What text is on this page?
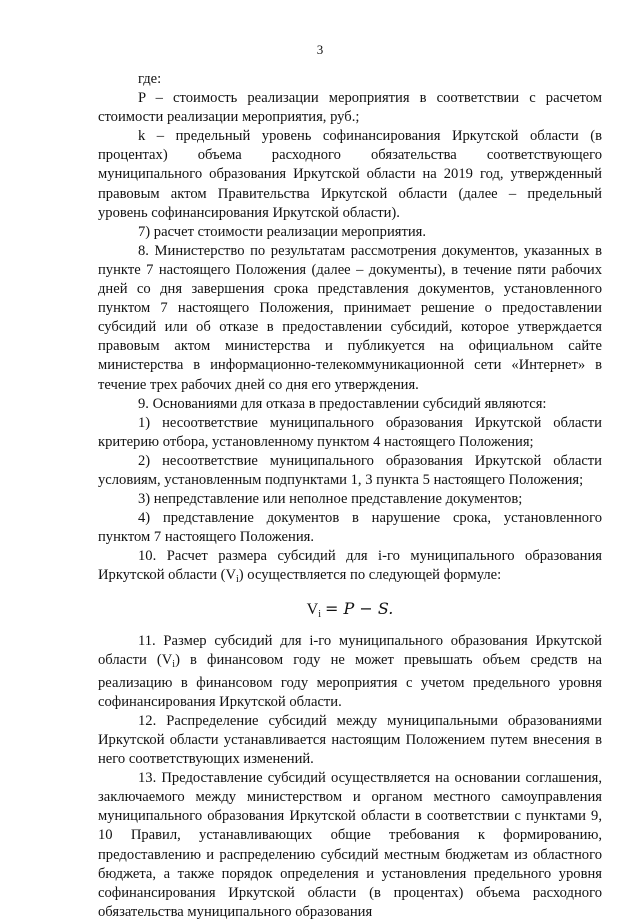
3

где:

P – стоимость реализации мероприятия в соответствии с расчетом стоимости реализации мероприятия, руб.;

k – предельный уровень софинансирования Иркутской области (в процентах) объема расходного обязательства соответствующего муниципального образования Иркутской области на 2019 год, утвержденный правовым актом Правительства Иркутской области (далее – предельный уровень софинансирования Иркутской области).

7) расчет стоимости реализации мероприятия.

8. Министерство по результатам рассмотрения документов, указанных в пункте 7 настоящего Положения (далее – документы), в течение пяти рабочих дней со дня завершения срока представления документов, установленного пунктом 7 настоящего Положения, принимает решение о предоставлении субсидий или об отказе в предоставлении субсидий, которое утверждается правовым актом министерства и публикуется на официальном сайте министерства в информационно-телекоммуникационной сети «Интернет» в течение трех рабочих дней со дня его утверждения.

9. Основаниями для отказа в предоставлении субсидий являются:

1) несоответствие муниципального образования Иркутской области критерию отбора, установленному пунктом 4 настоящего Положения;

2) несоответствие муниципального образования Иркутской области условиям, установленным подпунктами 1, 3 пункта 5 настоящего Положения;

3) непредставление или неполное представление документов;

4) представление документов в нарушение срока, установленного пунктом 7 настоящего Положения.

10. Расчет размера субсидий для i-го муниципального образования Иркутской области $(V_i)$ осуществляется по следующей формуле:

$V_i = P - S$.

11. Размер субсидий для i-го муниципального образования Иркутской области $(V_i)$ в финансовом году не может превышать объем средств на реализацию в финансовом году мероприятия с учетом предельного уровня софинансирования Иркутской области.

12. Распределение субсидий между муниципальными образованиями Иркутской области устанавливается настоящим Положением путем внесения в него соответствующих изменений.

13. Предоставление субсидий осуществляется на основании соглашения, заключаемого между министерством и органом местного самоуправления муниципального образования Иркутской области в соответствии с пунктами 9, 10 Правил, устанавливающих общие требования к формированию, предоставлению и распределению субсидий местным бюджетам из областного бюджета, а также порядок определения и установления предельного уровня софинансирования Иркутской области (в процентах) объема расходного обязательства муниципального образования
